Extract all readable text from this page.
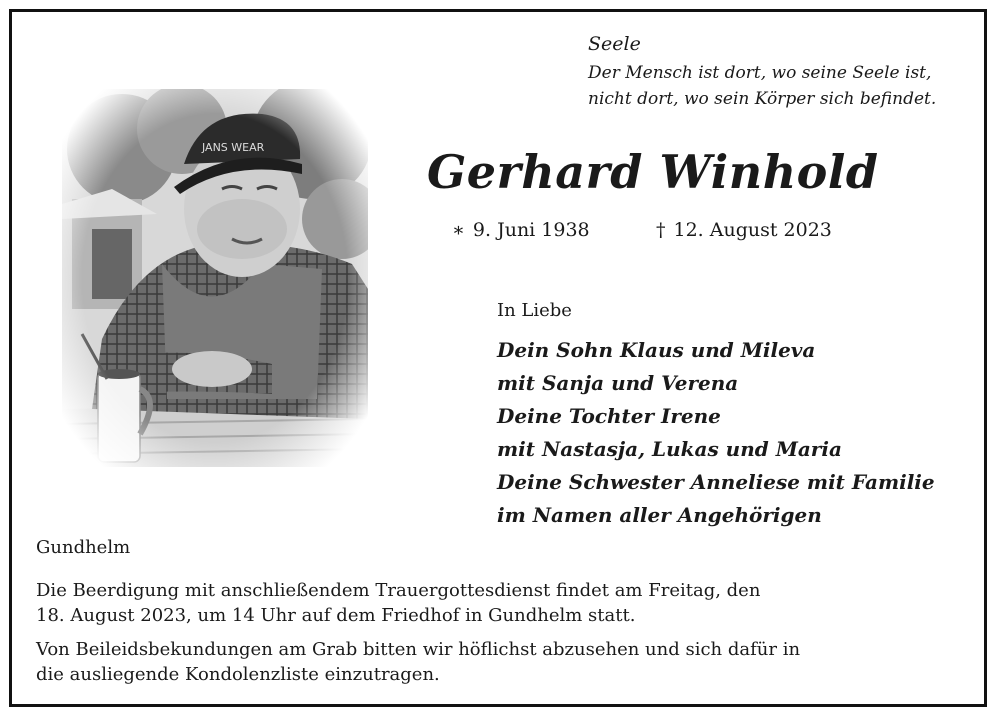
Seele
Der Mensch ist dort, wo seine Seele ist,
nicht dort, wo sein Körper sich befindet.
Gerhard Winhold
∗ 9. Juni 1938	† 12. August 2023
In Liebe
Dein Sohn Klaus und Mileva
mit Sanja und Verena
Deine Tochter Irene
mit Nastasja, Lukas und Maria
Deine Schwester Anneliese mit Familie
im Namen aller Angehörigen
Gundhelm
Die Beerdigung mit anschließendem Trauergottesdienst findet am Freitag, den
18. August 2023, um 14 Uhr auf dem Friedhof in Gundhelm statt.
Von Beileidsbekundungen am Grab bitten wir höflichst abzusehen und sich dafür in
die ausliegende Kondolenzliste einzutragen.
